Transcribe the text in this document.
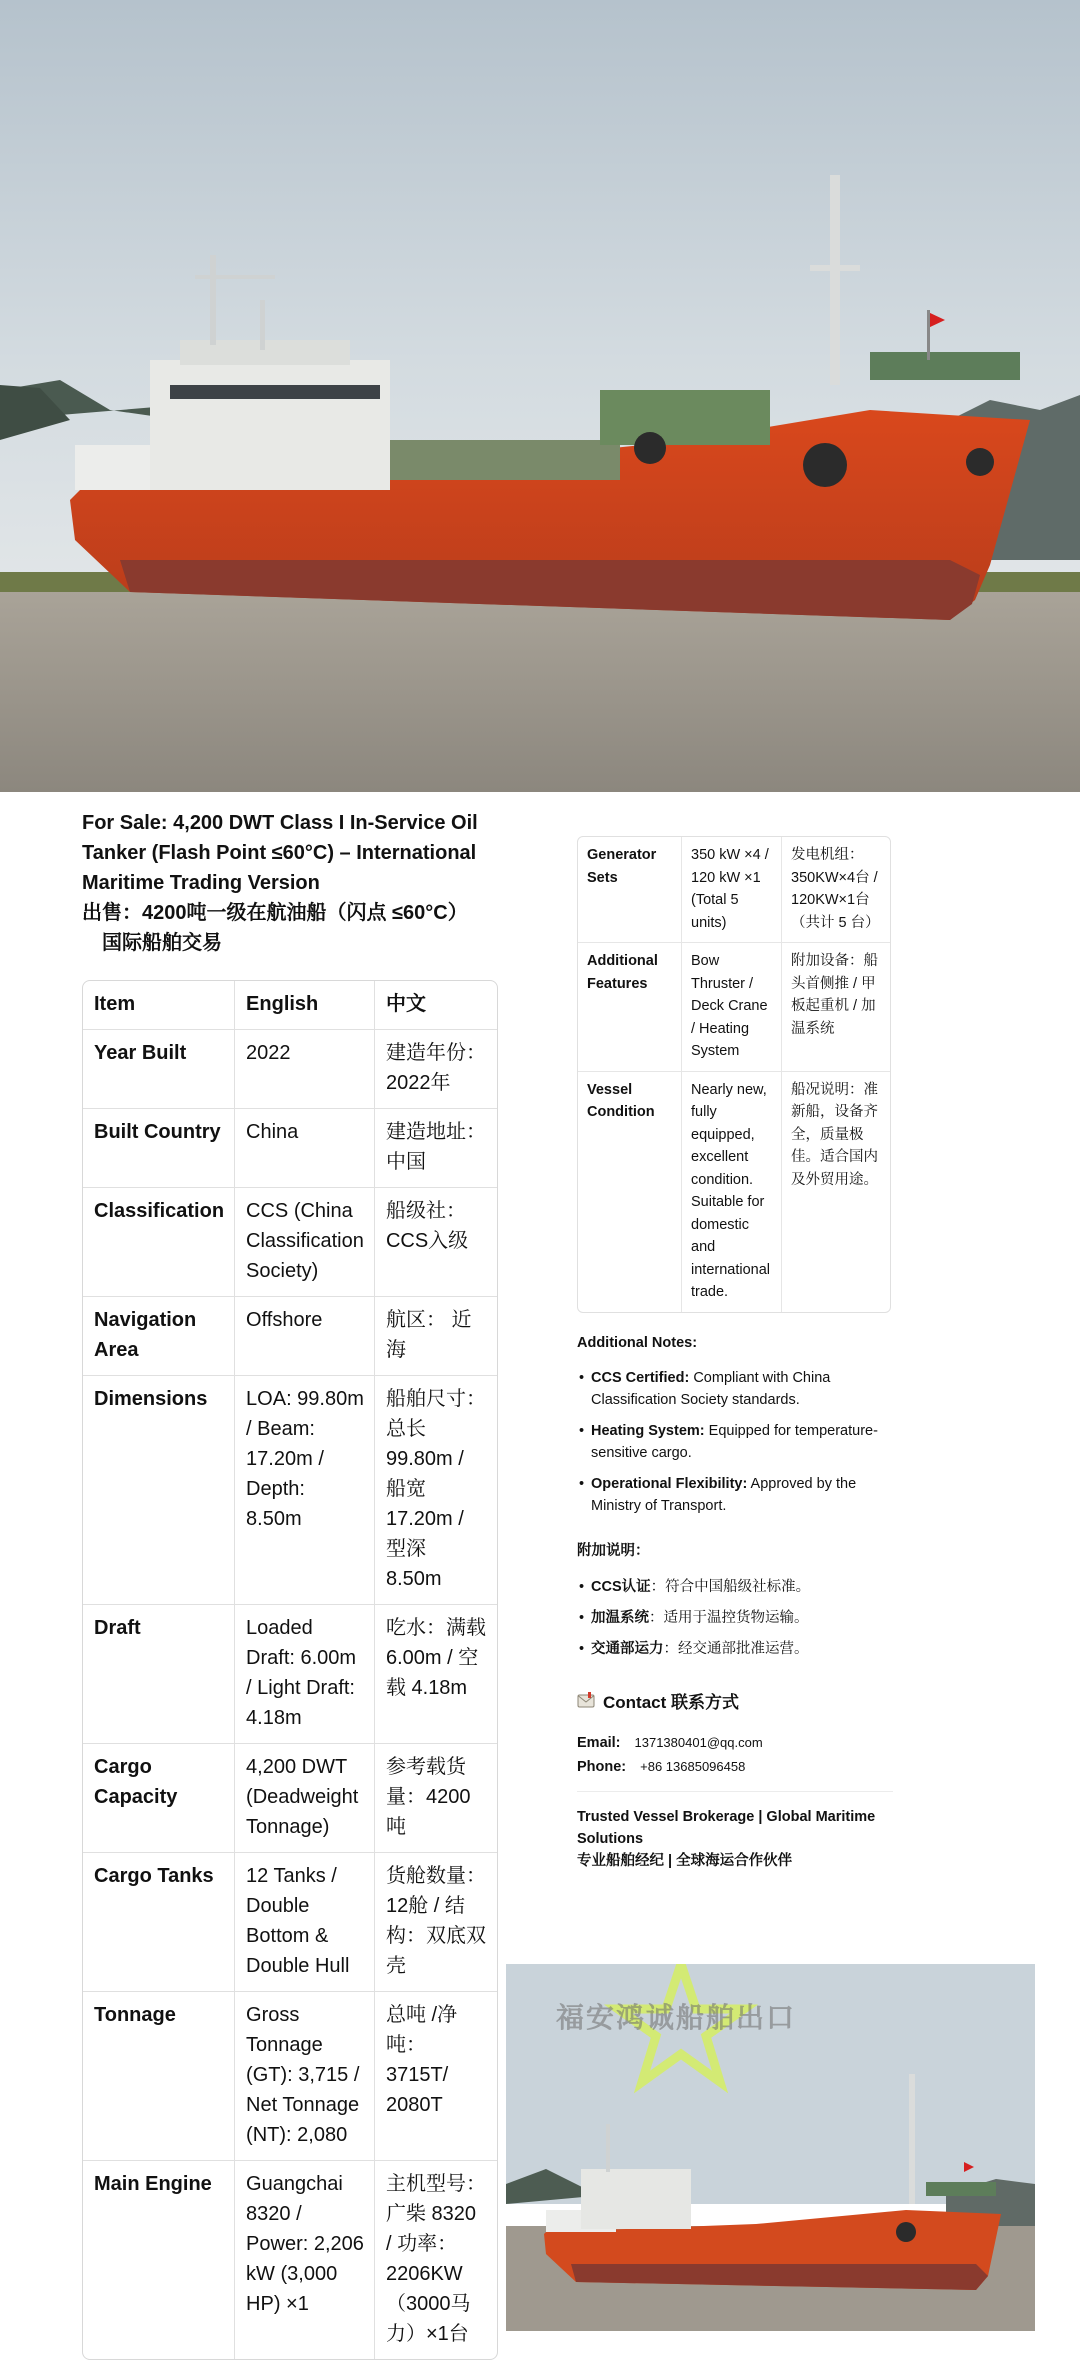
For Sale: 4,200 DWT Class I In-Service Oil Tanker (Flash Point ≤60°C) – International Maritime Trading Version

出售：4200吨一级在航油船（闪点 ≤60°C）
国际船舶交易

Item	English	中文
Year Built	2022	建造年份：2022年
Built Country	China	建造地址：中国
Classification	CCS (China Classification Society)	船级社：CCS入级
Navigation Area	Offshore	航区： 近海
Dimensions	LOA: 99.80m / Beam: 17.20m / Depth: 8.50m	船舶尺寸：总长99.80m / 船宽 17.20m / 型深 8.50m
Draft	Loaded Draft: 6.00m / Light Draft: 4.18m	吃水：满载6.00m / 空载 4.18m
Cargo Capacity	4,200 DWT (Deadweight Tonnage)	参考载货量：4200吨
Cargo Tanks	12 Tanks / Double Bottom & Double Hull	货舱数量：12舱 / 结构：双底双壳
Tonnage	Gross Tonnage (GT): 3,715 / Net Tonnage (NT): 2,080	总吨 /净吨：3715T/ 2080T
Main Engine	Guangchai 8320 / Power: 2,206 kW (3,000 HP) ×1	主机型号：广柴 8320 / 功率：2206KW （3000马力）×1台
Generator Sets	350 kW ×4 / 120 kW ×1 (Total 5 units)	发电机组：350KW×4台 / 120KW×1台 （共计 5 台）
Additional Features	Bow Thruster / Deck Crane / Heating System	附加设备：船头首侧推 / 甲板起重机 / 加温系统
Vessel Condition	Nearly new, fully equipped, excellent condition. Suitable for domestic and international trade.	船况说明：准新船，设备齐全，质量极佳。适合国内及外贸用途。
Additional Notes:
• CCS Certified: Compliant with China Classification Society standards.
• Heating System: Equipped for temperature-sensitive cargo.
• Operational Flexibility: Approved by the Ministry of Transport.
附加说明：
• CCS认证：符合中国船级社标准。
• 加温系统：适用于温控货物运输。
• 交通部运力：经交通部批准运营。
Contact 联系方式
Email: 1371380401@qq.com
Phone: +86 13685096458
Trusted Vessel Brokerage | Global Maritime Solutions
专业船舶经纪 | 全球海运合作伙伴
福安鸿诚船舶出口
